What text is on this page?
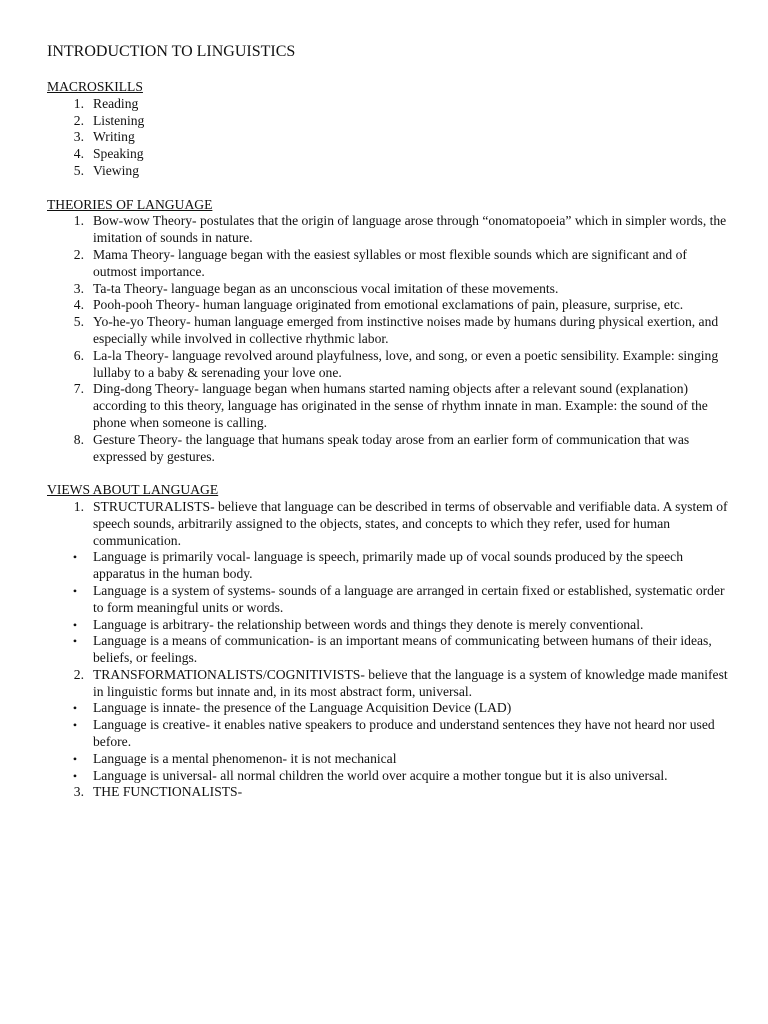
INTRODUCTION TO LINGUISTICS
MACROSKILLS
1. Reading
2. Listening
3. Writing
4. Speaking
5. Viewing
THEORIES OF LANGUAGE
1. Bow-wow Theory- postulates that the origin of language arose through “onomatopoeia” which in simpler words, the imitation of sounds in nature.
2. Mama Theory- language began with the easiest syllables or most flexible sounds which are significant and of outmost importance.
3. Ta-ta Theory- language began as an unconscious vocal imitation of these movements.
4. Pooh-pooh Theory- human language originated from emotional exclamations of pain, pleasure, surprise, etc.
5. Yo-he-yo Theory- human language emerged from instinctive noises made by humans during physical exertion, and especially while involved in collective rhythmic labor.
6. La-la Theory- language revolved around playfulness, love, and song, or even a poetic sensibility. Example: singing lullaby to a baby & serenading your love one.
7. Ding-dong Theory- language began when humans started naming objects after a relevant sound (explanation) according to this theory, language has originated in the sense of rhythm innate in man. Example: the sound of the phone when someone is calling.
8. Gesture Theory- the language that humans speak today arose from an earlier form of communication that was expressed by gestures.
VIEWS ABOUT LANGUAGE
1. STRUCTURALISTS- believe that language can be described in terms of observable and verifiable data. A system of speech sounds, arbitrarily assigned to the objects, states, and concepts to which they refer, used for human communication.
•	Language is primarily vocal- language is speech, primarily made up of vocal sounds produced by the speech apparatus in the human body.
•	Language is a system of systems- sounds of a language are arranged in certain fixed or established, systematic order to form meaningful units or words.
•	Language is arbitrary- the relationship between words and things they denote is merely conventional.
•	Language is a means of communication- is an important means of communicating between humans of their ideas, beliefs, or feelings.
2. TRANSFORMATIONALISTS/COGNITIVISTS- believe that the language is a system of knowledge made manifest in linguistic forms but innate and, in its most abstract form, universal.
•	Language is innate- the presence of the Language Acquisition Device (LAD)
•	Language is creative- it enables native speakers to produce and understand sentences they have not heard nor used before.
•	Language is a mental phenomenon- it is not mechanical
•	Language is universal- all normal children the world over acquire a mother tongue but it is also universal.
3. THE FUNCTIONALISTS-
